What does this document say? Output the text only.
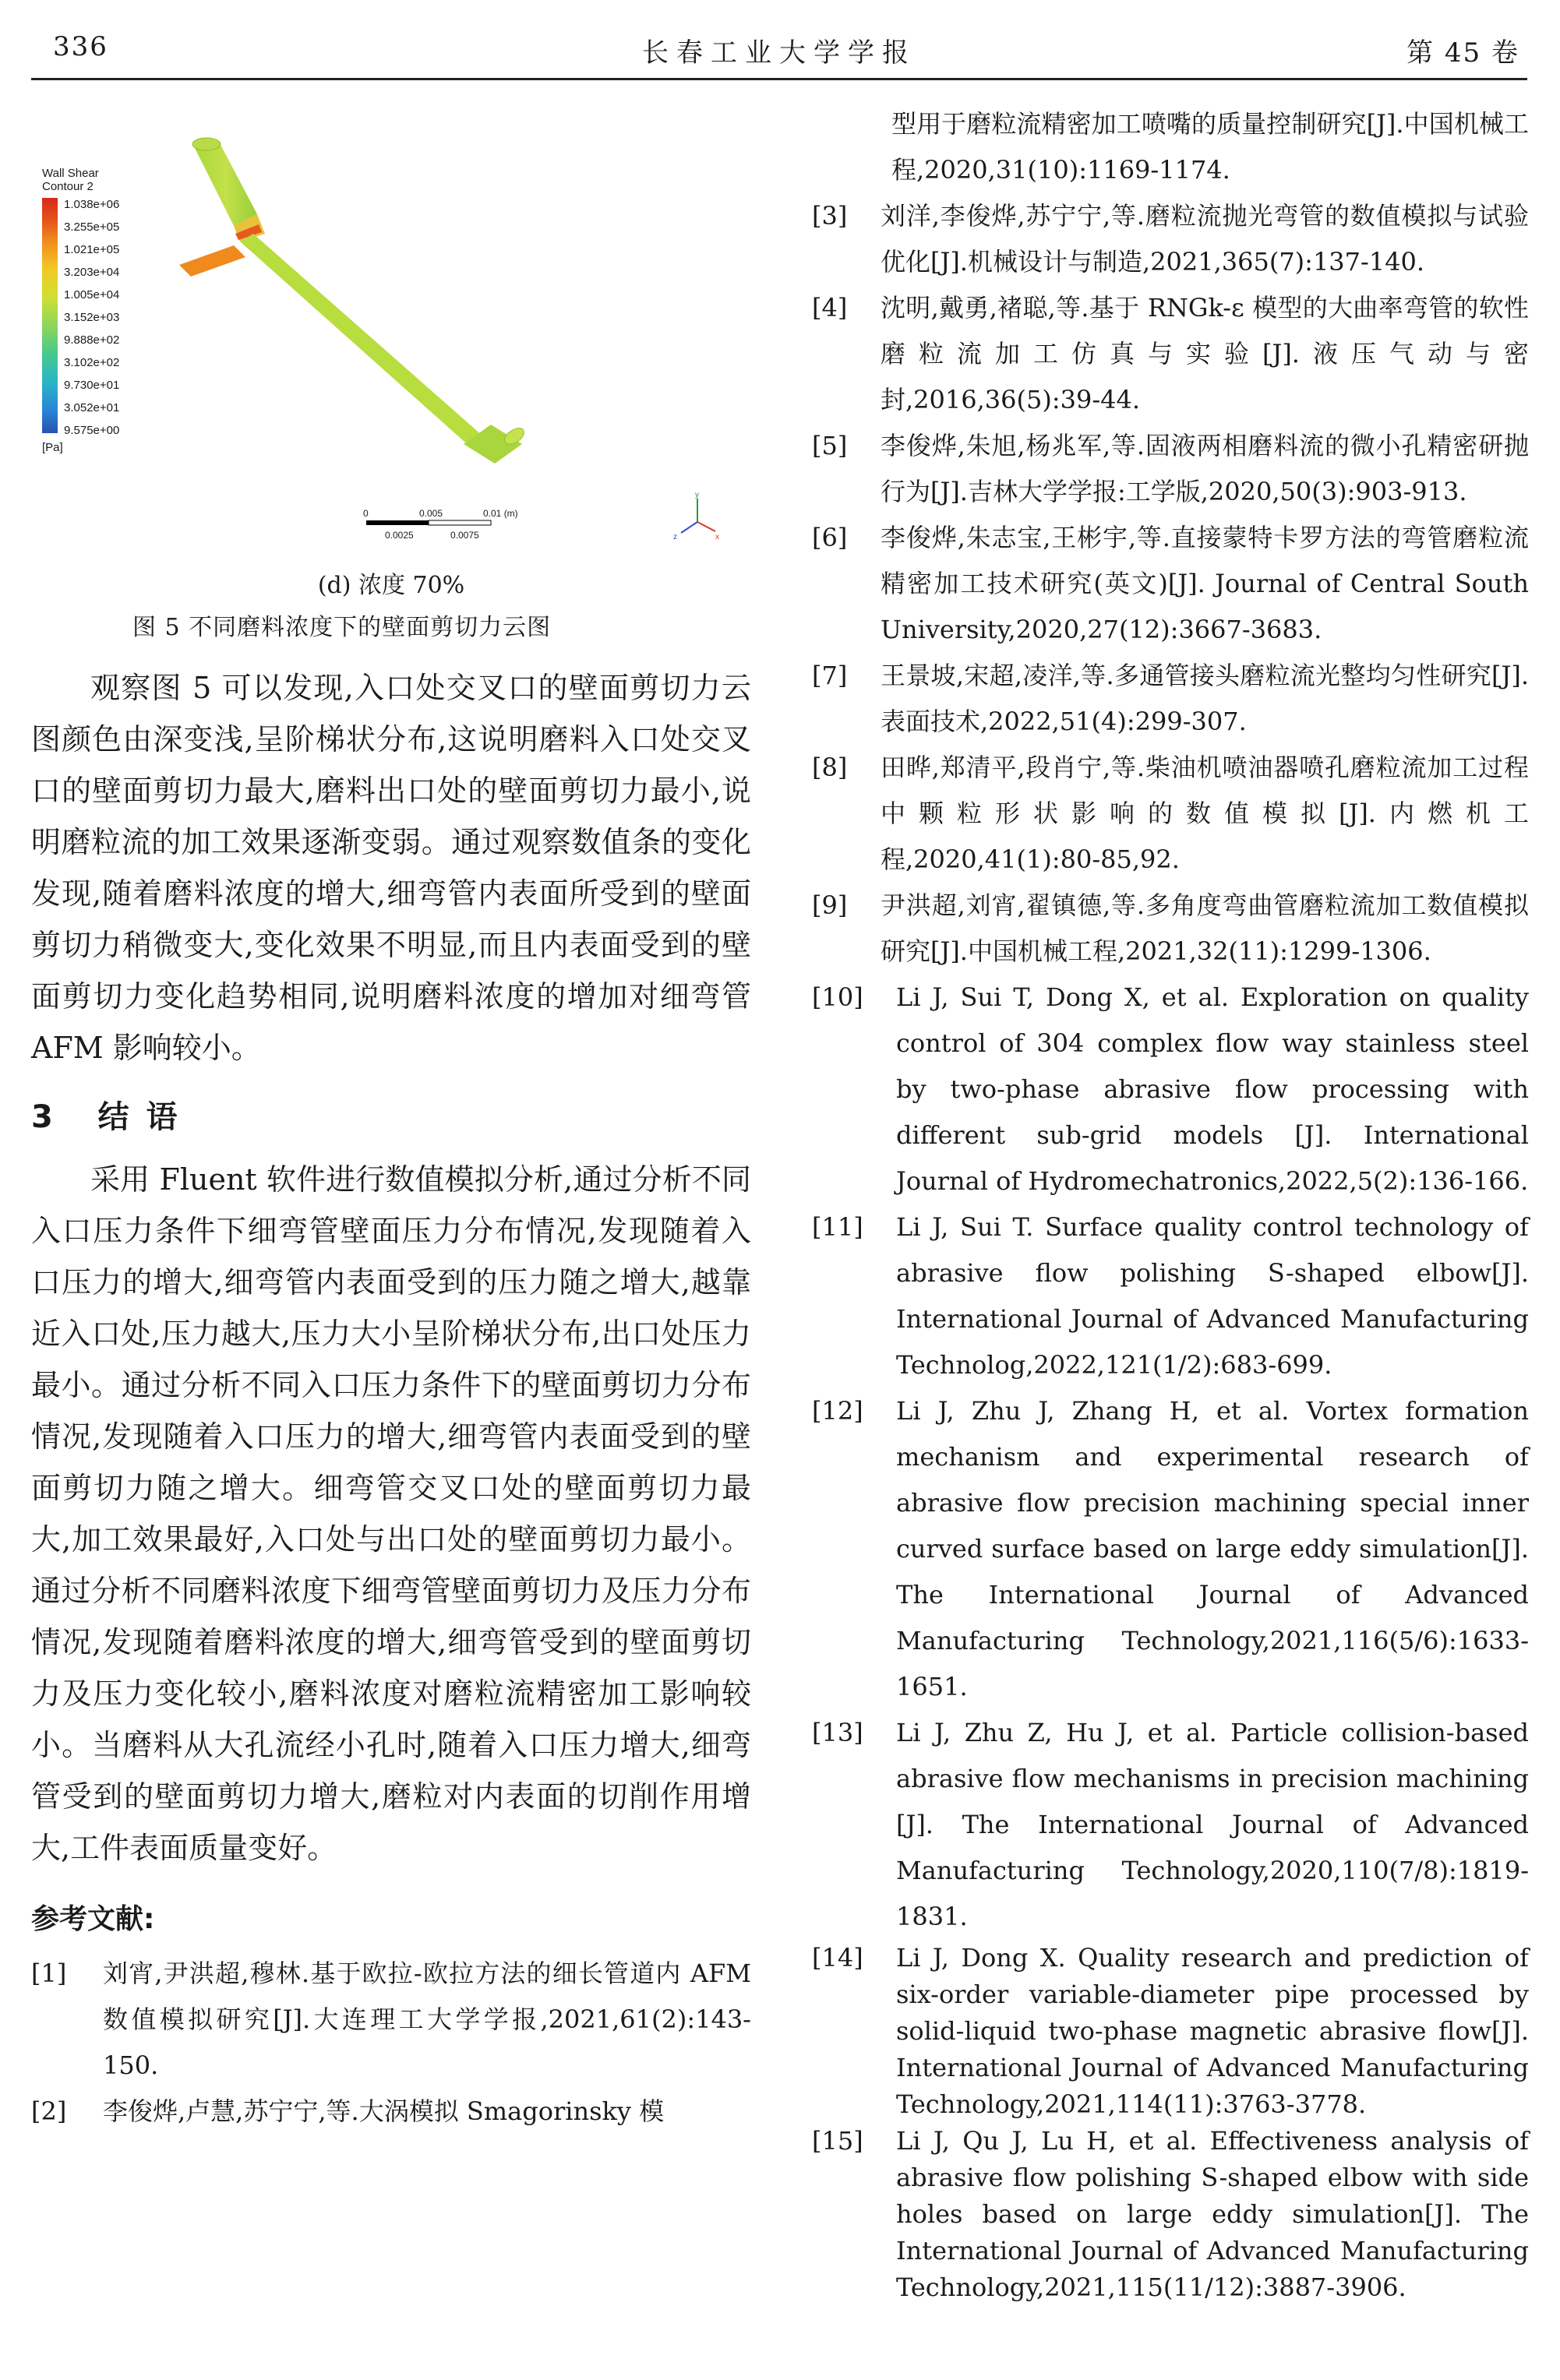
336	长春工业大学学报	第 45 卷
Wall Shear
Contour 2
1.038e+06
3.255e+05
1.021e+05
3.203e+04
1.005e+04
3.152e+03
9.888e+02
3.102e+02
9.730e+01
3.052e+01
9.575e+00
[Pa]
0	0.005	0.01 (m)
0.0025	0.0075
y
z	x
(d) 浓度 70%
图 5 不同磨料浓度下的壁面剪切力云图

观察图 5 可以发现,入口处交叉口的壁面剪切力云图颜色由深变浅,呈阶梯状分布,这说明磨料入口处交叉口的壁面剪切力最大,磨料出口处的壁面剪切力最小,说明磨粒流的加工效果逐渐变弱。通过观察数值条的变化发现,随着磨料浓度的增大,细弯管内表面所受到的壁面剪切力稍微变大,变化效果不明显,而且内表面受到的壁面剪切力变化趋势相同,说明磨料浓度的增加对细弯管 AFM 影响较小。

3 结 语

采用 Fluent 软件进行数值模拟分析,通过分析不同入口压力条件下细弯管壁面压力分布情况,发现随着入口压力的增大,细弯管内表面受到的压力随之增大,越靠近入口处,压力越大,压力大小呈阶梯状分布,出口处压力最小。通过分析不同入口压力条件下的壁面剪切力分布情况,发现随着入口压力的增大,细弯管内表面受到的壁面剪切力随之增大。细弯管交叉口处的壁面剪切力最大,加工效果最好,入口处与出口处的壁面剪切力最小。通过分析不同磨料浓度下细弯管壁面剪切力及压力分布情况,发现随着磨料浓度的增大,细弯管受到的壁面剪切力及压力变化较小,磨料浓度对磨粒流精密加工影响较小。当磨料从大孔流经小孔时,随着入口压力增大,细弯管受到的壁面剪切力增大,磨粒对内表面的切削作用增大,工件表面质量变好。

参考文献:
[1] 刘宵,尹洪超,穆林.基于欧拉-欧拉方法的细长管道内 AFM 数值模拟研究[J].大连理工大学学报,2021,61(2):143-150.
[2] 李俊烨,卢慧,苏宁宁,等.大涡模拟 Smagorinsky 模
型用于磨粒流精密加工喷嘴的质量控制研究[J].中国机械工程,2020,31(10):1169-1174.
[3] 刘洋,李俊烨,苏宁宁,等.磨粒流抛光弯管的数值模拟与试验优化[J].机械设计与制造,2021,365(7):137-140.
[4] 沈明,戴勇,褚聪,等.基于 RNGk-ε 模型的大曲率弯管的软性磨粒流加工仿真与实验[J].液压气动与密封,2016,36(5):39-44.
[5] 李俊烨,朱旭,杨兆军,等.固液两相磨料流的微小孔精密研抛行为[J].吉林大学学报:工学版,2020,50(3):903-913.
[6] 李俊烨,朱志宝,王彬宇,等.直接蒙特卡罗方法的弯管磨粒流精密加工技术研究(英文)[J]. Journal of Central South University,2020,27(12):3667-3683.
[7] 王景坡,宋超,凌洋,等.多通管接头磨粒流光整均匀性研究[J].表面技术,2022,51(4):299-307.
[8] 田晔,郑清平,段肖宁,等.柴油机喷油器喷孔磨粒流加工过程中颗粒形状影响的数值模拟[J].内燃机工程,2020,41(1):80-85,92.
[9] 尹洪超,刘宵,翟镇德,等.多角度弯曲管磨粒流加工数值模拟研究[J].中国机械工程,2021,32(11):1299-1306.
[10] Li J, Sui T, Dong X, et al. Exploration on quality control of 304 complex flow way stainless steel by two-phase abrasive flow processing with different sub-grid models [J]. International Journal of Hydromechatronics,2022,5(2):136-166.
[11] Li J, Sui T. Surface quality control technology of abrasive flow polishing S-shaped elbow[J]. International Journal of Advanced Manufacturing Technolog,2022,121(1/2):683-699.
[12] Li J, Zhu J, Zhang H, et al. Vortex formation mechanism and experimental research of abrasive flow precision machining special inner curved surface based on large eddy simulation[J]. The International Journal of Advanced Manufacturing Technology,2021,116(5/6):1633-1651.
[13] Li J, Zhu Z, Hu J, et al. Particle collision-based abrasive flow mechanisms in precision machining [J]. The International Journal of Advanced Manufacturing Technology,2020,110(7/8):1819-1831.
[14] Li J, Dong X. Quality research and prediction of six-order variable-diameter pipe processed by solid-liquid two-phase magnetic abrasive flow[J]. International Journal of Advanced Manufacturing Technology,2021,114(11):3763-3778.
[15] Li J, Qu J, Lu H, et al. Effectiveness analysis of abrasive flow polishing S-shaped elbow with side holes based on large eddy simulation[J]. The International Journal of Advanced Manufacturing Technology,2021,115(11/12):3887-3906.
